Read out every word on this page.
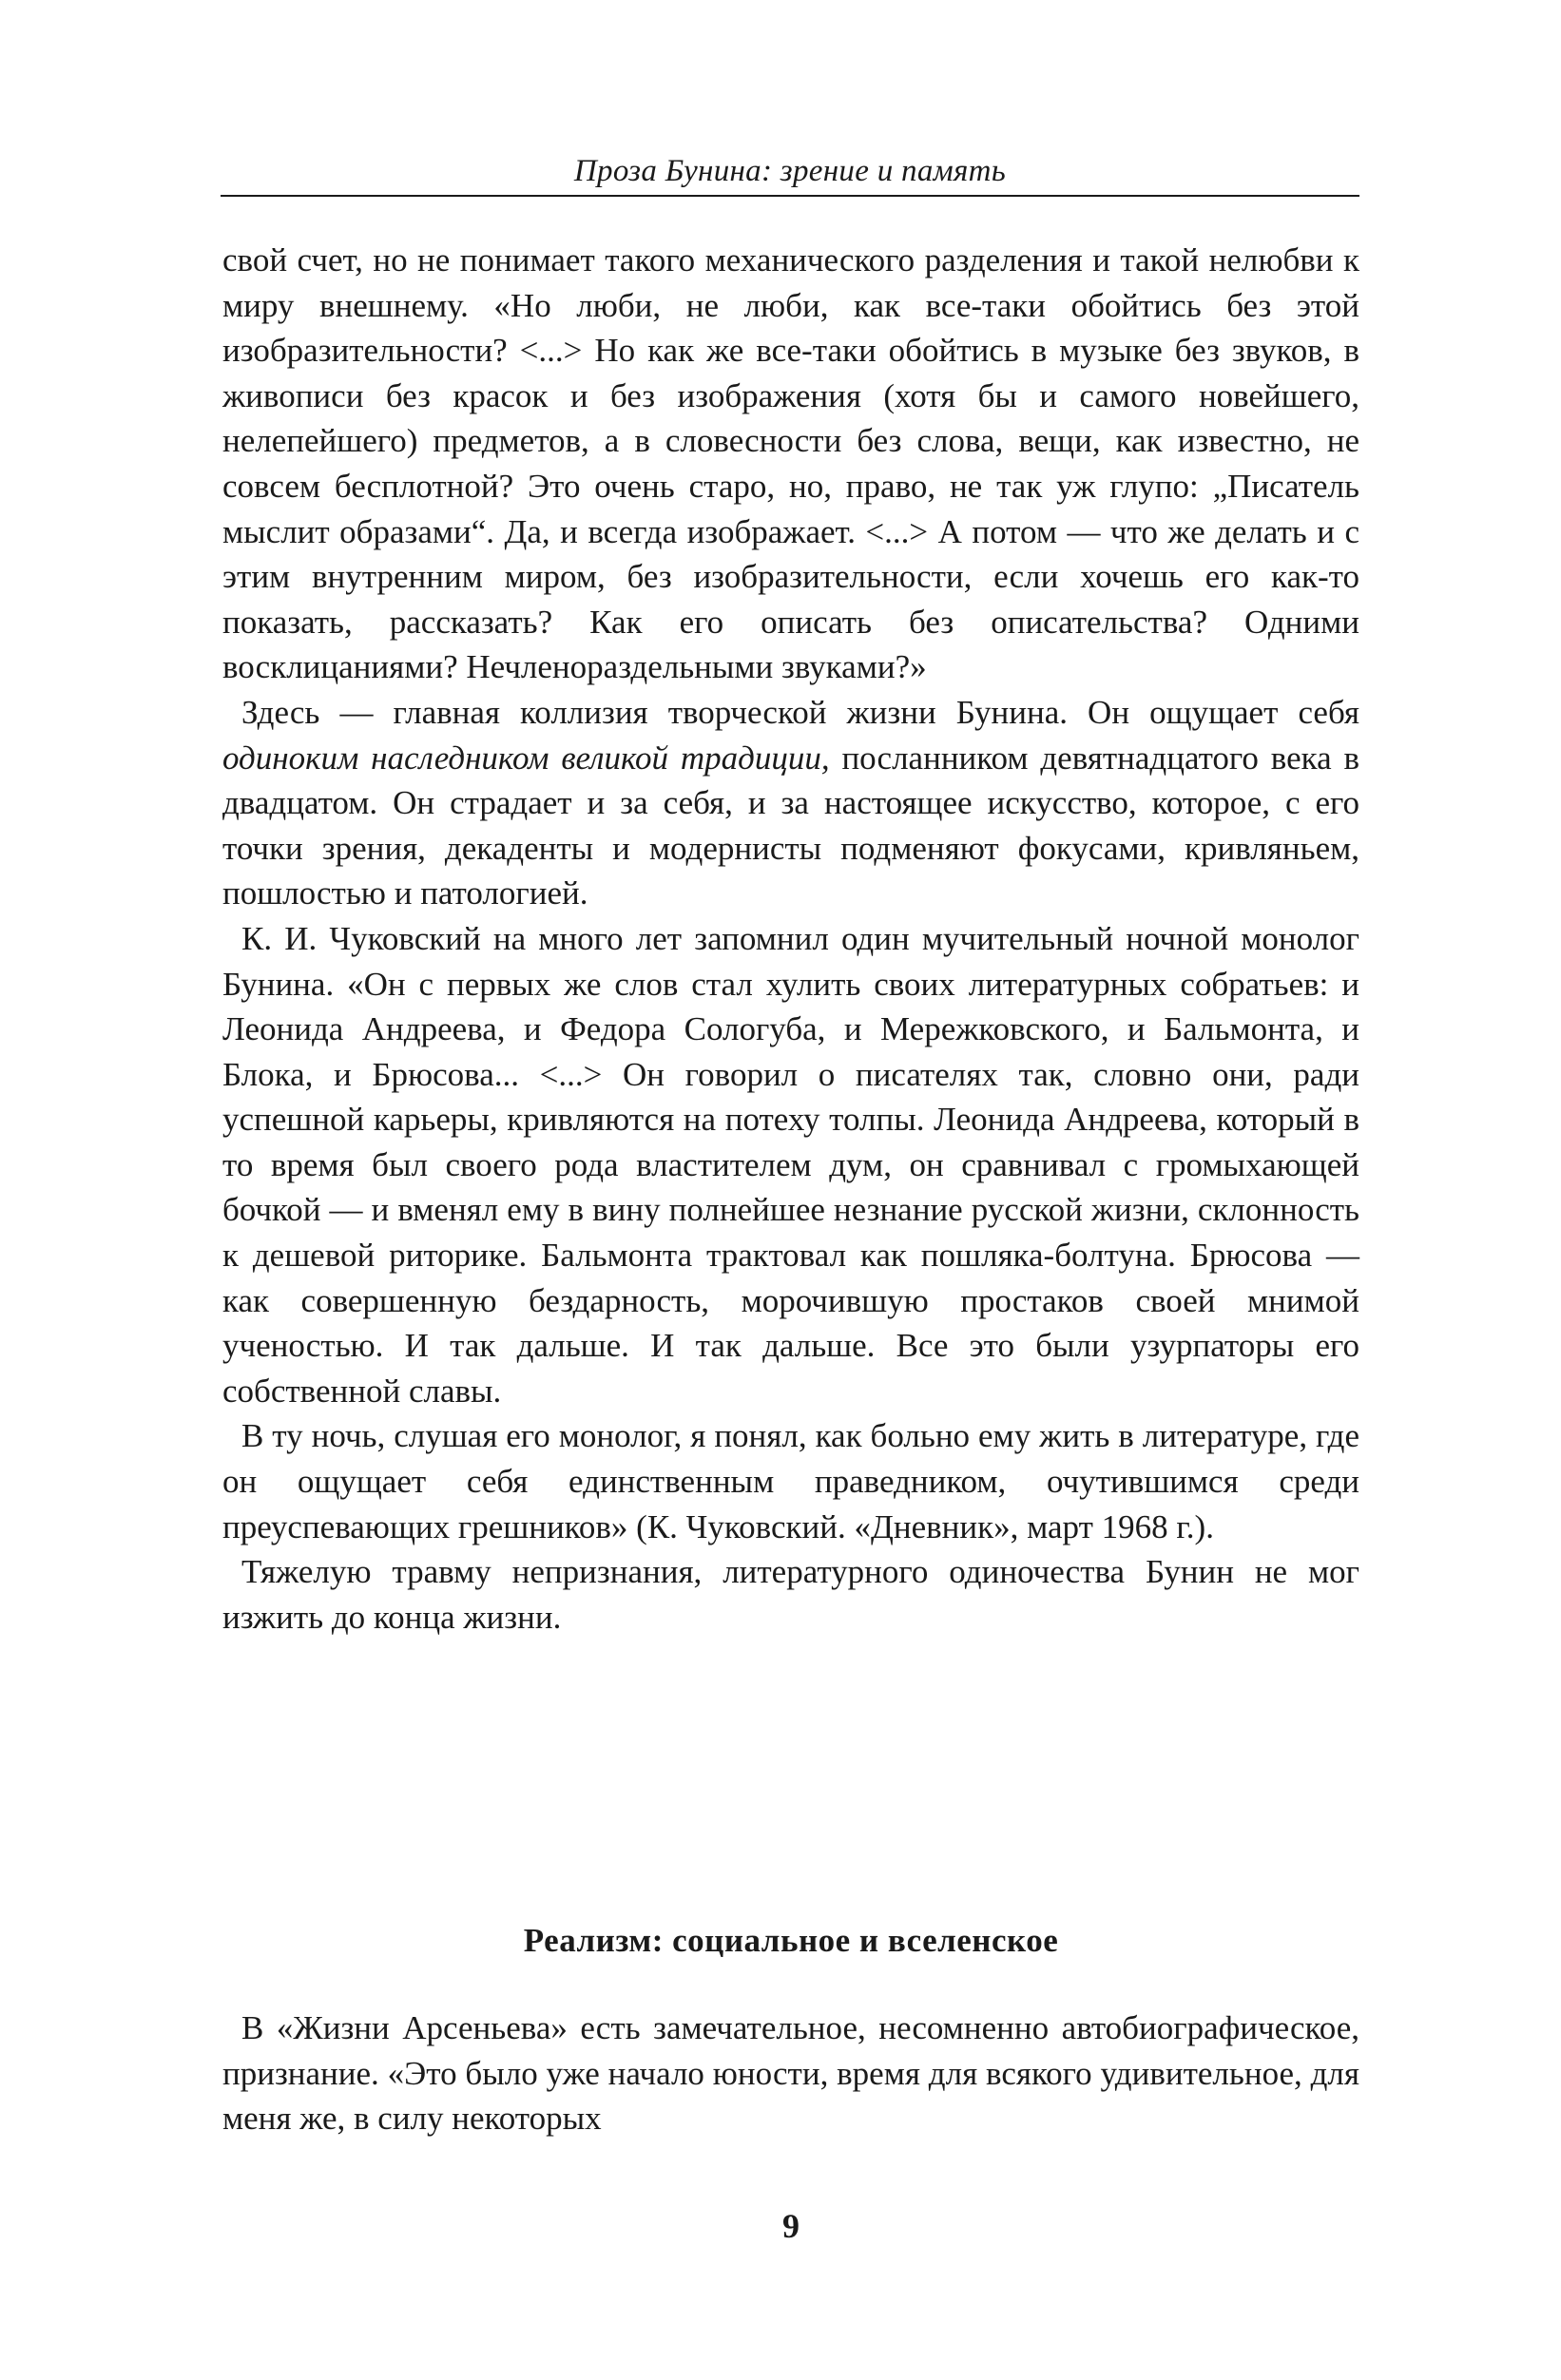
Проза Бунина: зрение и память

свой счет, но не понимает такого механического разделения и такой нелюбви к миру внешнему. «Но люби, не люби, как все-таки обойтись без этой изобразительности? <...> Но как же все-таки обойтись в музыке без звуков, в живописи без красок и без изображения (хотя бы и самого новейшего, нелепейшего) предметов, а в словесности без слова, вещи, как известно, не совсем бесплотной? Это очень старо, но, право, не так уж глупо: „Писатель мыслит образами“. Да, и всегда изображает. <...> А потом — что же делать и с этим внутренним миром, без изобразительности, если хочешь его как-то показать, рассказать? Как его описать без описательства? Одними восклицаниями? Нечленораздельными звуками?»

Здесь — главная коллизия творческой жизни Бунина. Он ощущает себя одиноким наследником великой традиции, посланником девятнадцатого века в двадцатом. Он страдает и за себя, и за настоящее искусство, которое, с его точки зрения, декаденты и модернисты подменяют фокусами, кривляньем, пошлостью и патологией.

К. И. Чуковский на много лет запомнил один мучительный ночной монолог Бунина. «Он с первых же слов стал хулить своих литературных собратьев: и Леонида Андреева, и Федора Сологуба, и Мережковского, и Бальмонта, и Блока, и Брюсова... <...> Он говорил о писателях так, словно они, ради успешной карьеры, кривляются на потеху толпы. Леонида Андреева, который в то время был своего рода властителем дум, он сравнивал с громыхающей бочкой — и вменял ему в вину полнейшее незнание русской жизни, склонность к дешевой риторике. Бальмонта трактовал как пошляка-болтуна. Брюсова — как совершенную бездарность, морочившую простаков своей мнимой ученостью. И так дальше. И так дальше. Все это были узурпаторы его собственной славы.

В ту ночь, слушая его монолог, я понял, как больно ему жить в литературе, где он ощущает себя единственным праведником, очутившимся среди преуспевающих грешников» (К. Чуковский. «Дневник», март 1968 г.).

Тяжелую травму непризнания, литературного одиночества Бунин не мог изжить до конца жизни.

Реализм: социальное и вселенское

В «Жизни Арсеньева» есть замечательное, несомненно автобиографическое, признание. «Это было уже начало юности, время для всякого удивительное, для меня же, в силу некоторых

9
